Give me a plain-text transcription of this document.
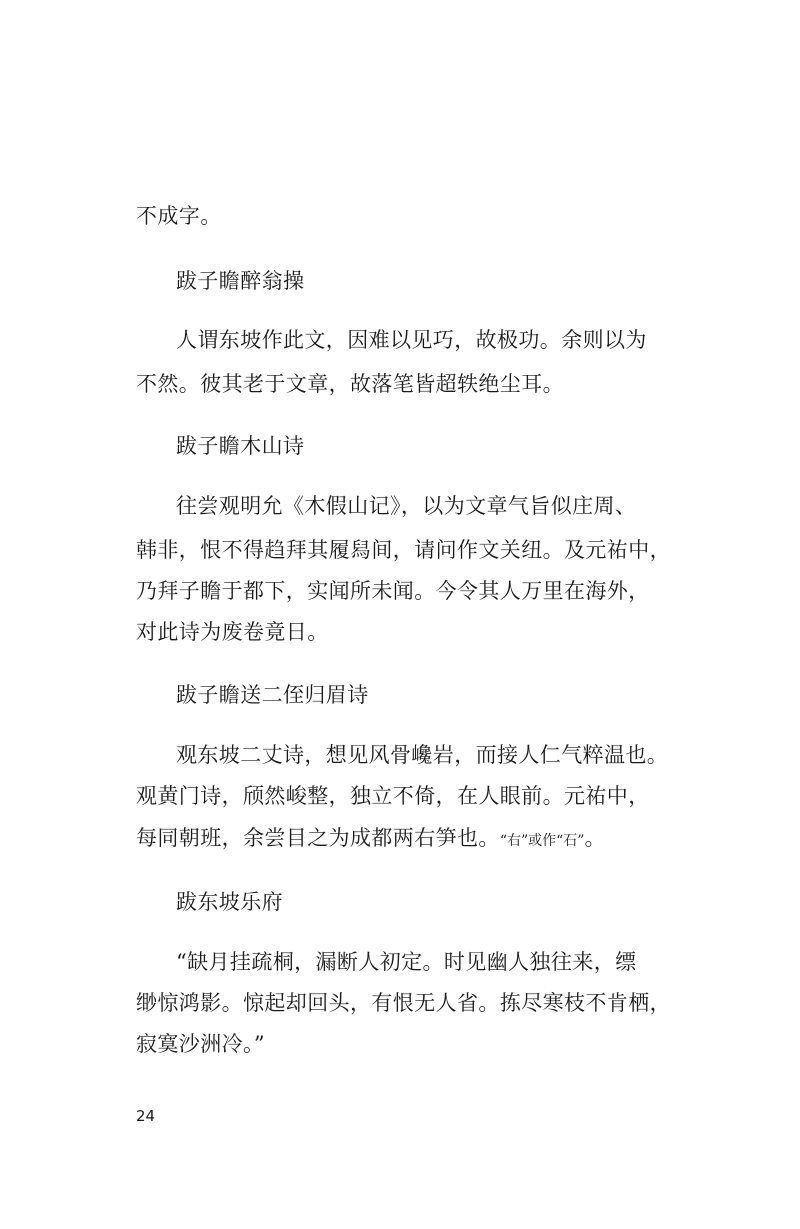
不成字。
跋子瞻醉翁操
人谓东坡作此文，因难以见巧，故极功。余则以为
不然。彼其老于文章，故落笔皆超轶绝尘耳。
跋子瞻木山诗
往尝观明允《木假山记》，以为文章气旨似庄周、
韩非，恨不得趋拜其履舄间，请问作文关纽。及元祐中，
乃拜子瞻于都下，实闻所未闻。今令其人万里在海外，
对此诗为废卷竟日。
跋子瞻送二侄归眉诗
观东坡二丈诗，想见风骨巉岩，而接人仁气粹温也。
观黄门诗，颀然峻整，独立不倚，在人眼前。元祐中，
每同朝班，余尝目之为成都两右笋也。“右”或作“石”。
跋东坡乐府
“缺月挂疏桐，漏断人初定。时见幽人独往来，缥
缈惊鸿影。惊起却回头，有恨无人省。拣尽寒枝不肯栖，
寂寞沙洲冷。”
24
